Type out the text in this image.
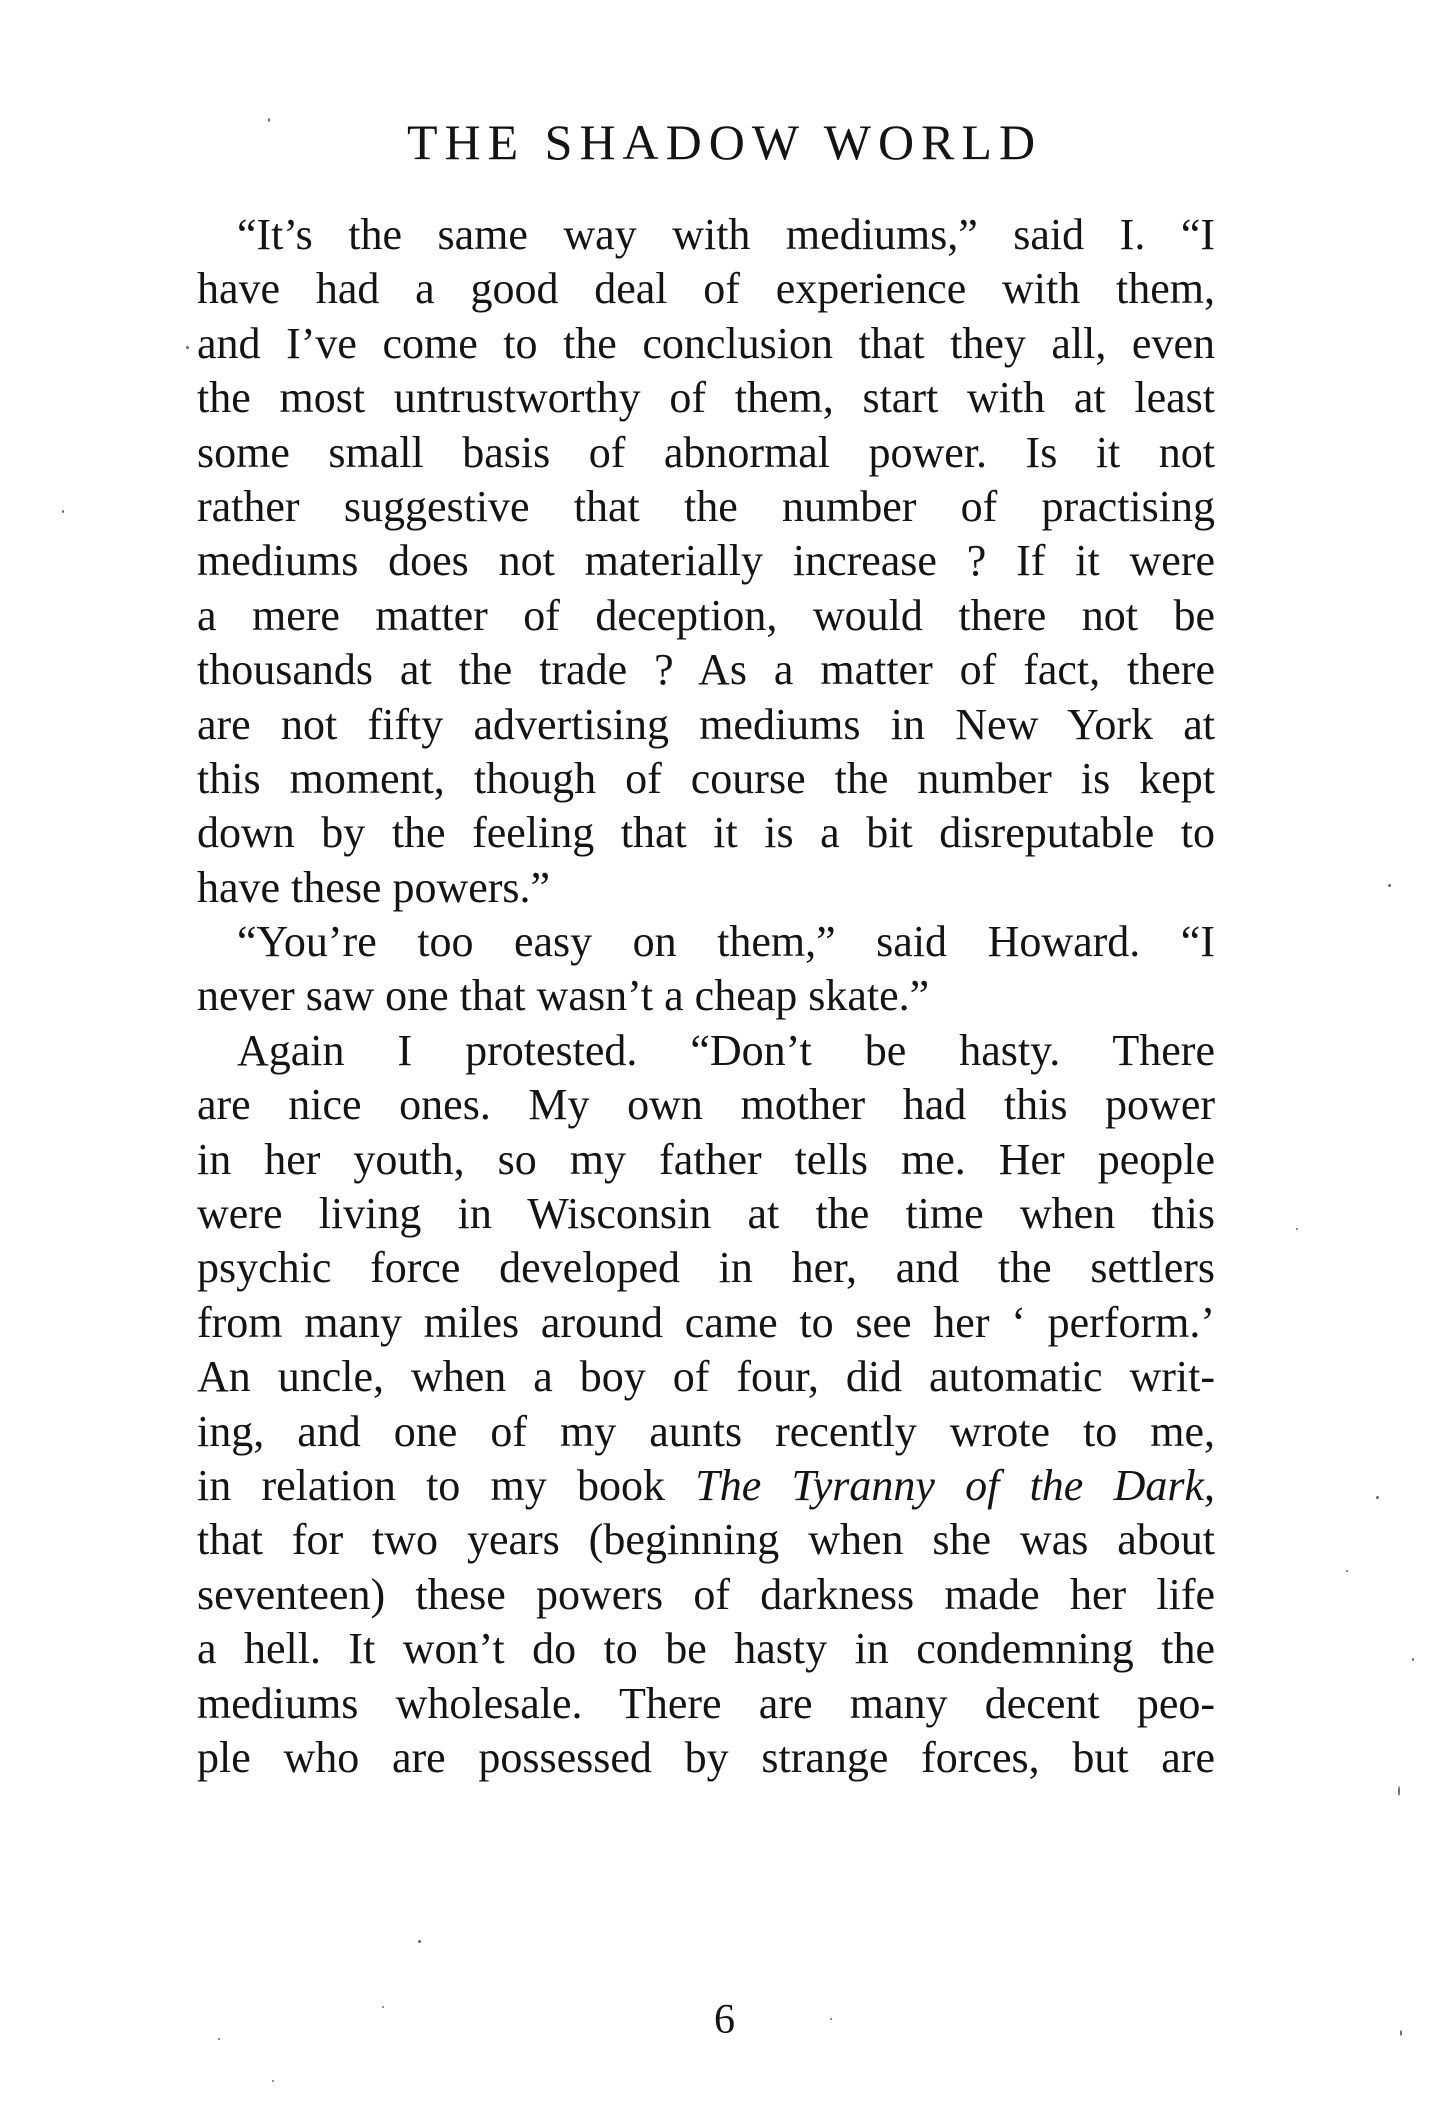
THE SHADOW WORLD
“It’s the same way with mediums,” said I. “I
have had a good deal of experience with them,
and I’ve come to the conclusion that they all, even
the most untrustworthy of them, start with at least
some small basis of abnormal power. Is it not
rather suggestive that the number of practising
mediums does not materially increase ? If it were
a mere matter of deception, would there not be
thousands at the trade ? As a matter of fact, there
are not fifty advertising mediums in New York at
this moment, though of course the number is kept
down by the feeling that it is a bit disreputable to
have these powers.”
“You’re too easy on them,” said Howard. “I
never saw one that wasn’t a cheap skate.”
Again I protested. “Don’t be hasty. There
are nice ones. My own mother had this power
in her youth, so my father tells me. Her people
were living in Wisconsin at the time when this
psychic force developed in her, and the settlers
from many miles around came to see her ‘ perform.’
An uncle, when a boy of four, did automatic writ-
ing, and one of my aunts recently wrote to me,
in relation to my book The Tyranny of the Dark,
that for two years (beginning when she was about
seventeen) these powers of darkness made her life
a hell. It won’t do to be hasty in condemning the
mediums wholesale. There are many decent peo-
ple who are possessed by strange forces, but are
6
